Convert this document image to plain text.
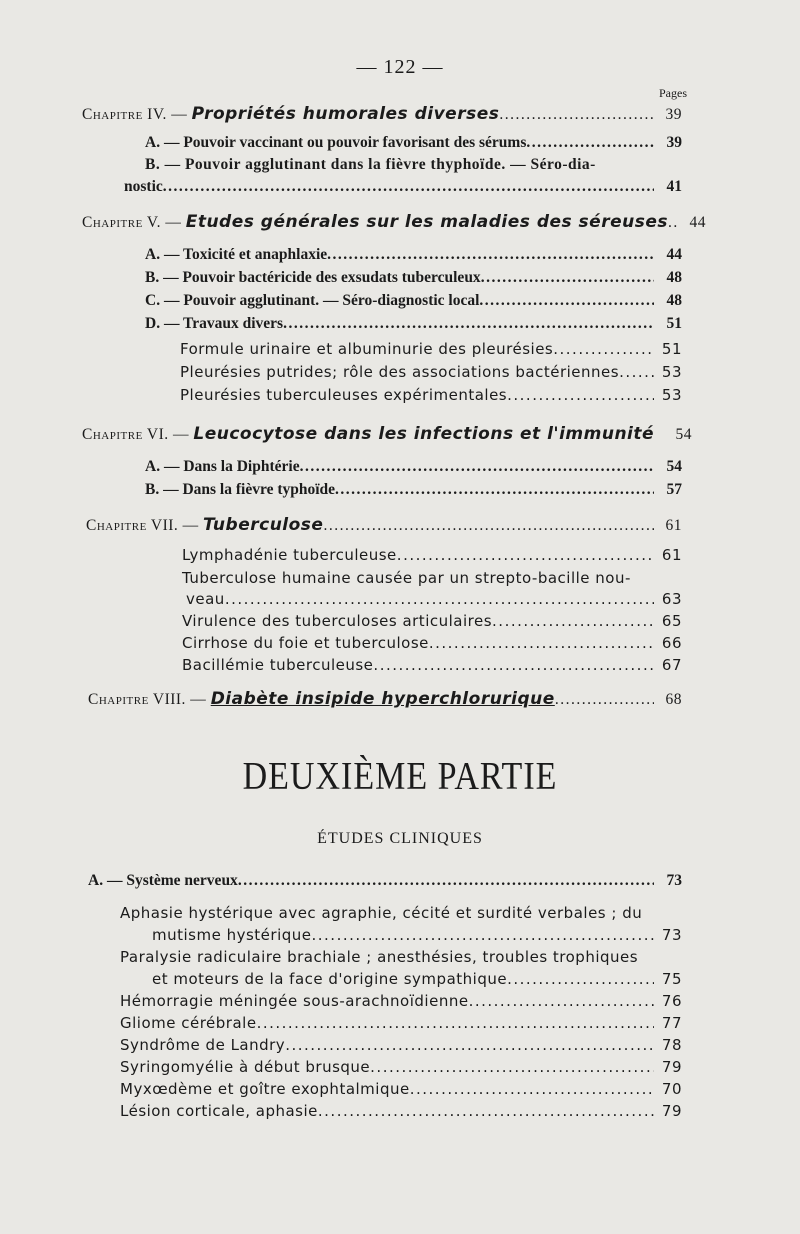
— 122 —
Pages
Chapitre IV. — Propriétés humorales diverses .....	39
A. — Pouvoir vaccinant ou pouvoir favorisant des sérums .....	39
B. — Pouvoir agglutinant dans la fièvre thyphoïde. — Séro-dia-
nostic .....	41
Chapitre V. — Etudes générales sur les maladies des séreuses ..... 44
A. — Toxicité et anaphlaxie .....	44
B. — Pouvoir bactéricide des exsudats tuberculeux .....	48
C. — Pouvoir agglutinant. — Séro-diagnostic local .....	48
D. — Travaux divers .....	51
Formule urinaire et albuminurie des pleurésies .....	51
Pleurésies putrides; rôle des associations bactériennes .....	53
Pleurésies tuberculeuses expérimentales .....	53
Chapitre VI. — Leucocytose dans les infections et l'immunité 54
A. — Dans la Diphtérie .....	54
B. — Dans la fièvre typhoïde .....	57
Chapitre VII. — Tuberculose .....	61
Lymphadénie tuberculeuse .....	61
Tuberculose humaine causée par un strepto-bacille nou-
veau .....	63
Virulence des tuberculoses articulaires .....	65
Cirrhose du foie et tuberculose .....	66
Bacillémie tuberculeuse .....	67
Chapitre VIII. — Diabète insipide hyperchlorurique .....	68
DEUXIÈME PARTIE
ÉTUDES CLINIQUES
A. — Système nerveux .....	73
Aphasie hystérique avec agraphie, cécité et surdité verbales ; du
mutisme hystérique .....	73
Paralysie radiculaire brachiale ; anesthésies, troubles trophiques
et moteurs de la face d'origine sympathique .....	75
Hémorragie méningée sous-arachnoïdienne .....	76
Gliome cérébrale .....	77
Syndrôme de Landry .....	78
Syringomyélie à début brusque .....	79
Myxœdème et goître exophtalmique .....	70
Lésion corticale, aphasie .....	79
